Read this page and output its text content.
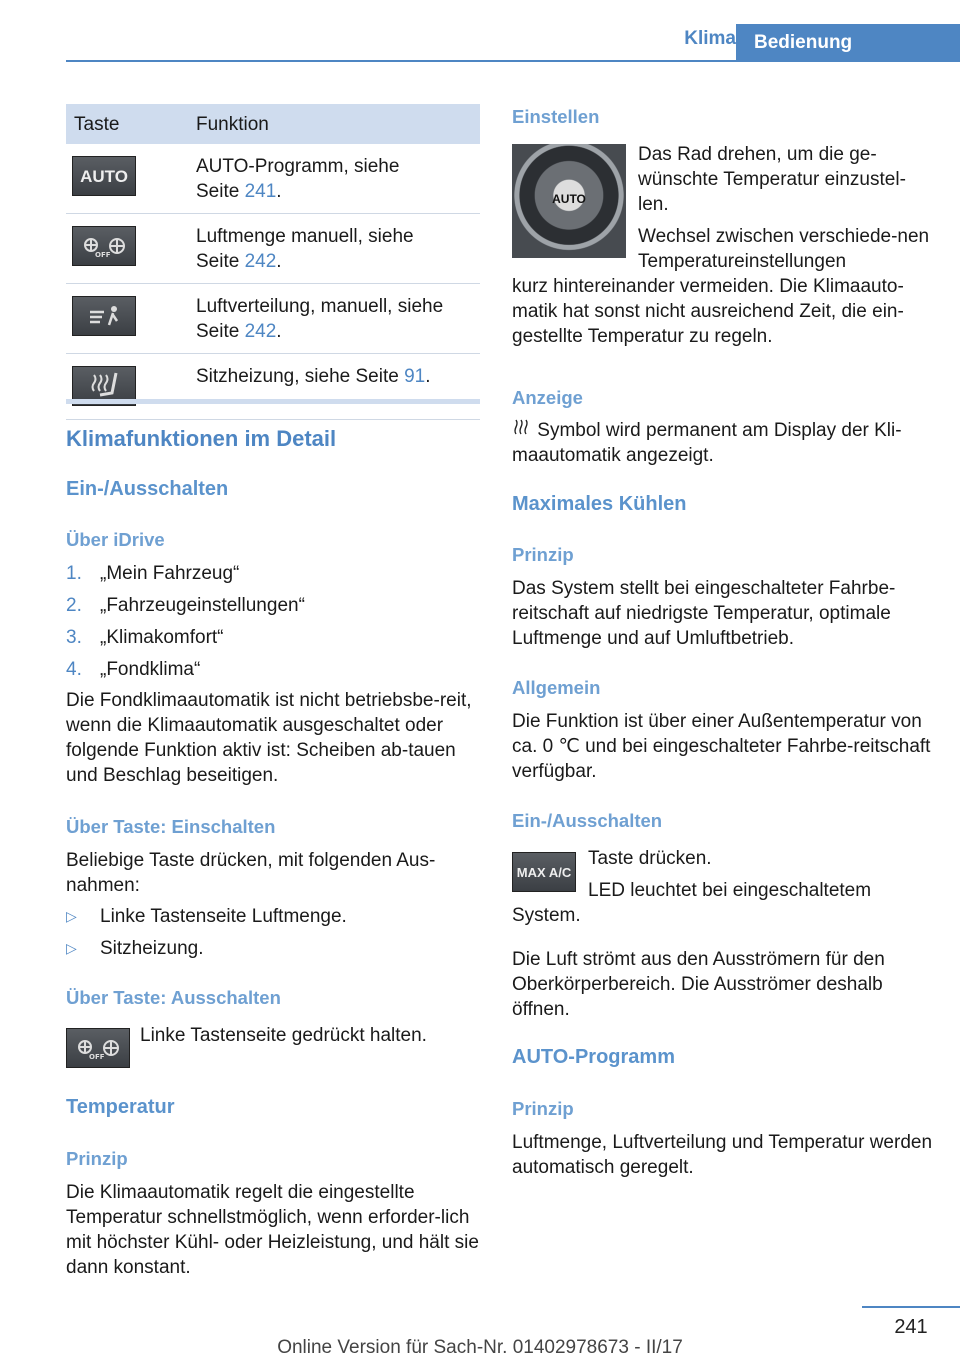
Klima Bedienung
Taste	Funktion

AUTO	AUTO-Programm, siehe
Seite 241.

OFF	Luftmenge manuell, siehe
Seite 242.

	Luftverteilung, manuell, siehe
Seite 242.

	Sitzheizung, siehe Seite 91.
Klimafunktionen im Detail
Ein-/Ausschalten
Über iDrive
1. „Mein Fahrzeug“
2. „Fahrzeugeinstellungen“
3. „Klimakomfort“
4. „Fondklima“
Die Fondklimaautomatik ist nicht betriebsbe-reit, wenn die Klimaautomatik ausgeschaltet oder folgende Funktion aktiv ist: Scheiben ab-tauen und Beschlag beseitigen.
Über Taste: Einschalten
Beliebige Taste drücken, mit folgenden Aus-nahmen:
▷ Linke Tastenseite Luftmenge.
▷ Sitzheizung.
Über Taste: Ausschalten
OFF
Linke Tastenseite gedrückt halten.
Temperatur
Prinzip
Die Klimaautomatik regelt die eingestellte Temperatur schnellstmöglich, wenn erforder-lich mit höchster Kühl- oder Heizleistung, und hält sie dann konstant.
Einstellen
AUTO
Das Rad drehen, um die ge-wünschte Temperatur einzustel-len.
Wechsel zwischen verschiede-nen Temperatureinstellungen
kurz hintereinander vermeiden. Die Klimaauto-matik hat sonst nicht ausreichend Zeit, die ein-gestellte Temperatur zu regeln.
Anzeige
Symbol wird permanent am Display der Kli-maautomatik angezeigt.
Maximales Kühlen
Prinzip
Das System stellt bei eingeschalteter Fahrbe-reitschaft auf niedrigste Temperatur, optimale Luftmenge und auf Umluftbetrieb.
Allgemein
Die Funktion ist über einer Außentemperatur von ca. 0 ℃ und bei eingeschalteter Fahrbe-reitschaft verfügbar.
Ein-/Ausschalten
MAX A/C
Taste drücken.
LED leuchtet bei eingeschaltetem
System.
Die Luft strömt aus den Ausströmern für den Oberkörperbereich. Die Ausströmer deshalb öffnen.
AUTO-Programm
Prinzip
Luftmenge, Luftverteilung und Temperatur werden automatisch geregelt.
241
Online Version für Sach-Nr. 01402978673 - II/17
